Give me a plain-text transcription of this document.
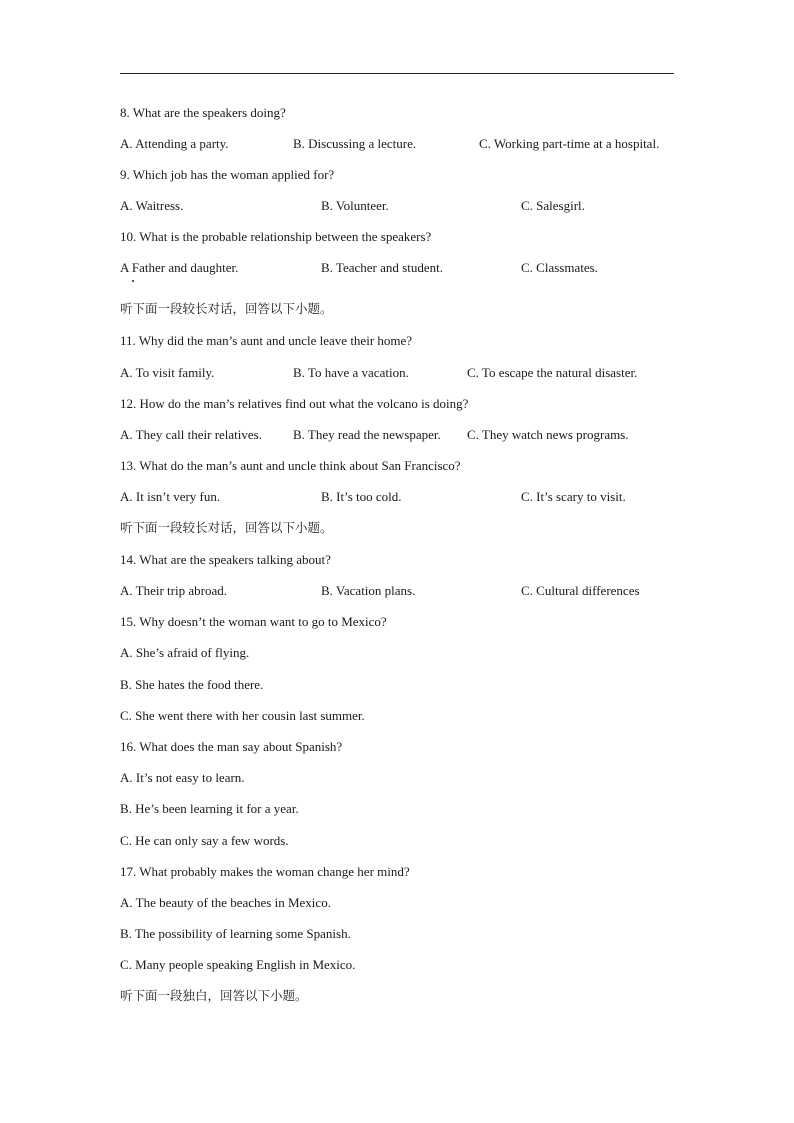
8. What are the speakers doing?
A. Attending a party.	B. Discussing a lecture.	C. Working part-time at a hospital.
9. Which job has the woman applied for?
A. Waitress.	B. Volunteer.	C. Salesgirl.
10. What is the probable relationship between the speakers?
A Father and daughter.	B. Teacher and student.	C. Classmates.
听下面一段较长对话，回答以下小题。
11. Why did the man’s aunt and uncle leave their home?
A. To visit family.	B. To have a vacation.	C. To escape the natural disaster.
12. How do the man’s relatives find out what the volcano is doing?
A. They call their relatives. B. They read the newspaper. C. They watch news programs.
13. What do the man’s aunt and uncle think about San Francisco?
A. It isn’t very fun.	B. It’s too cold.	C. It’s scary to visit.
听下面一段较长对话，回答以下小题。
14. What are the speakers talking about?
A. Their trip abroad.	B. Vacation plans.	C. Cultural differences
15. Why doesn’t the woman want to go to Mexico?
A. She’s afraid of flying.
B. She hates the food there.
C. She went there with her cousin last summer.
16. What does the man say about Spanish?
A. It’s not easy to learn.
B. He’s been learning it for a year.
C. He can only say a few words.
17. What probably makes the woman change her mind?
A. The beauty of the beaches in Mexico.
B. The possibility of learning some Spanish.
C. Many people speaking English in Mexico.
听下面一段独白，回答以下小题。
